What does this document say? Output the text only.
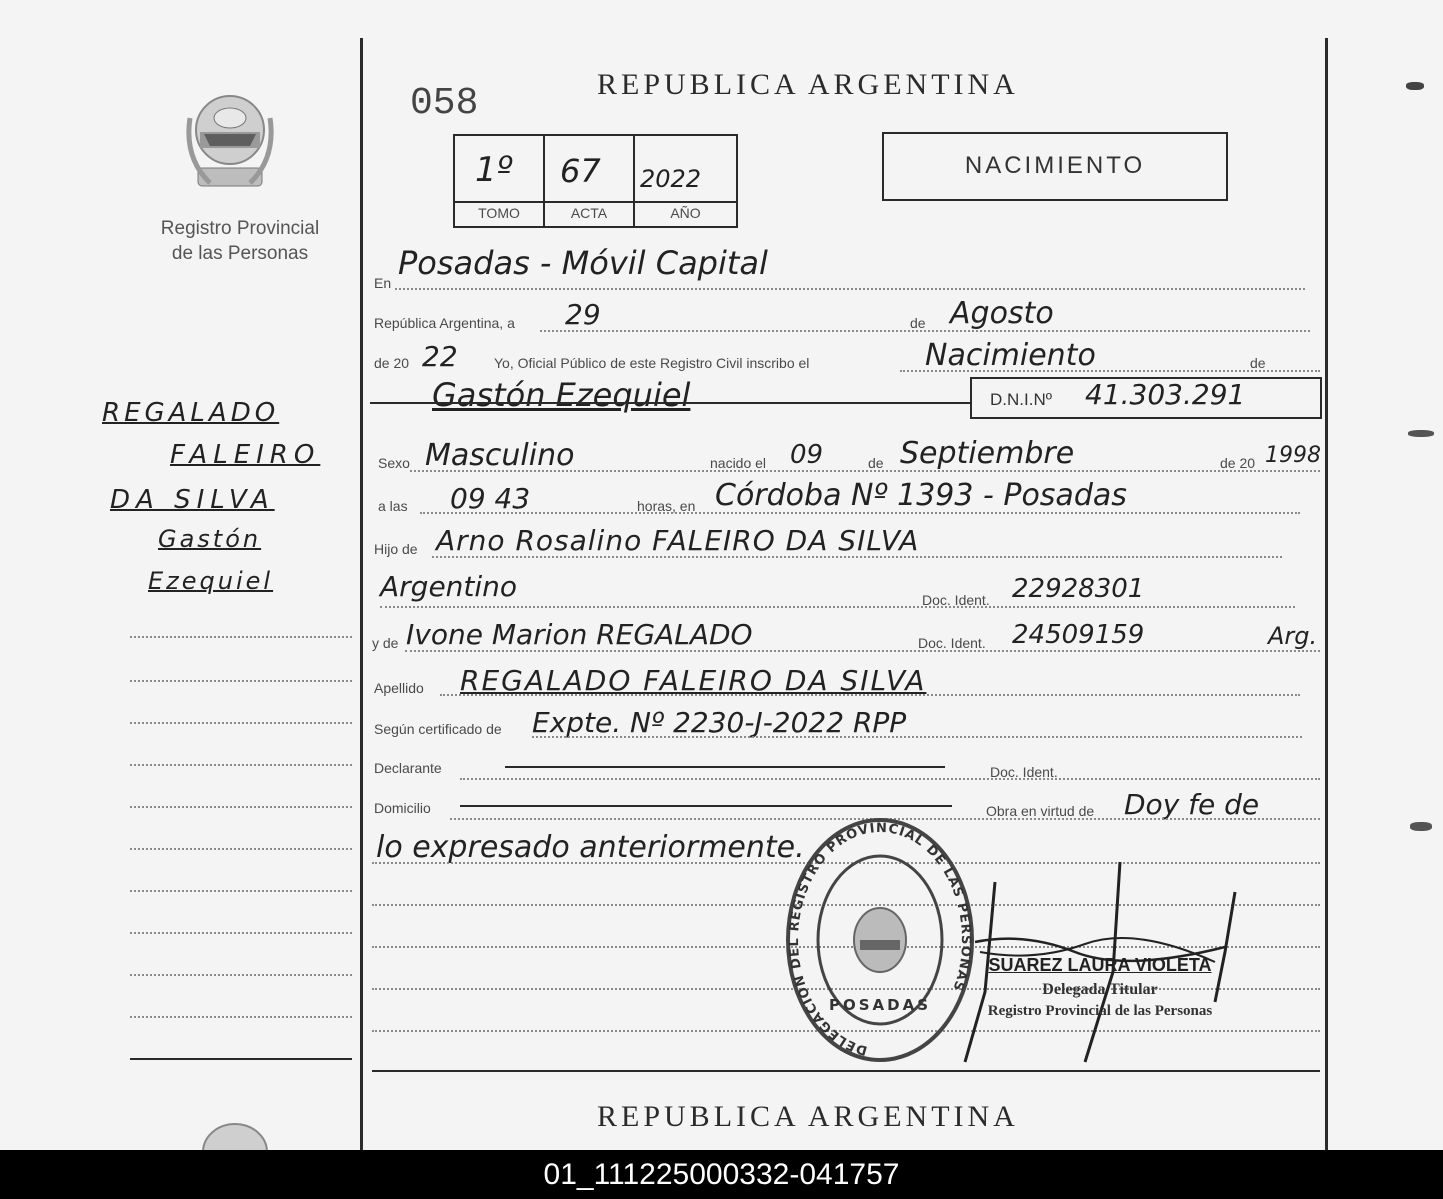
Registro Provincial
de las Personas
058	REPUBLICA ARGENTINA
1º 67 2022
TOMO	ACTA	AÑO
NACIMIENTO
REGALADO
FALEIRO
DA SILVA
Gastón
Ezequiel
En
Posadas - Móvil Capital
República Argentina, a 29	de Agosto
de 20 22	Yo, Oficial Público de este Registro Civil inscribo el	Nacimiento	de
Gastón Ezequiel	D.N.I.Nº 41.303.291
Sexo Masculino	nacido el 09	de Septiembre	de 20 1998
a las 09 43	horas, en Córdoba Nº 1393 - Posadas
Hijo de Arno Rosalino FALEIRO DA SILVA
Argentino	Doc. Ident. 22928301
y de Ivone Marion REGALADO	Doc. Ident. 24509159	Arg.
Apellido REGALADO FALEIRO DA SILVA
Según certificado de Expte. Nº 2230-J-2022 RPP
Declarante	Doc. Ident.
Domicilio	Obra en virtud de Doy fe de
lo expresado anteriormente.
DELEGACION DEL REGISTRO PROVINCIAL DE LAS PERSONAS
POSADAS
SUAREZ LAURA VIOLETA
Delegada Titular
Registro Provincial de las Personas
REPUBLICA ARGENTINA
01_111225000332-041757
